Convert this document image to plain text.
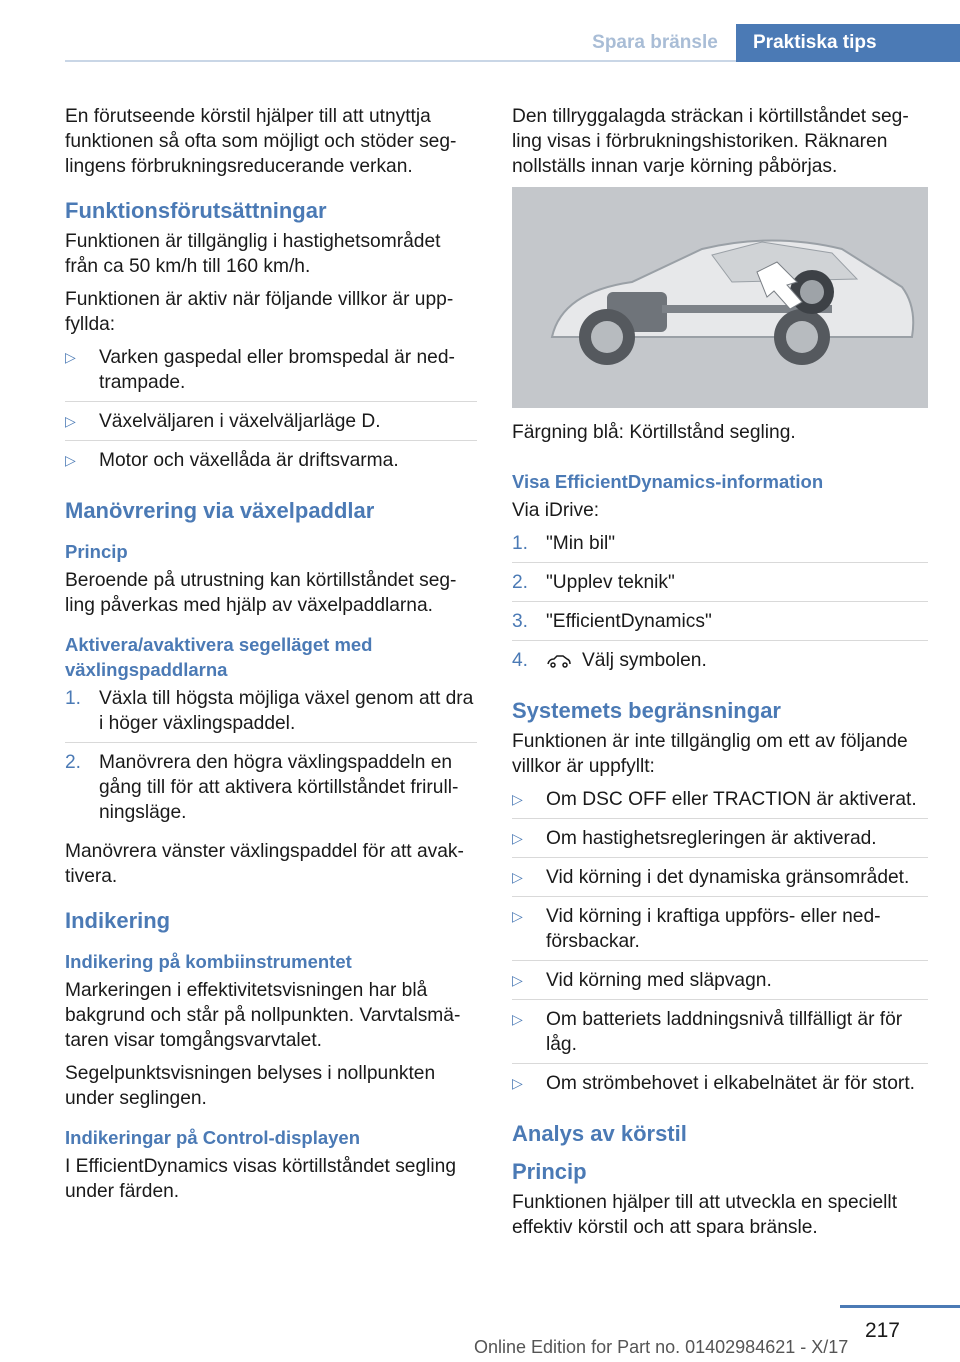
Spara bränsle	Praktiska tips

En förutseende körstil hjälper till att utnyttja funktionen så ofta som möjligt och stöder seg-lingens förbrukningsreducerande verkan.

Funktionsförutsättningar

Funktionen är tillgänglig i hastighetsområdet från ca 50 km/h till 160 km/h.

Funktionen är aktiv när följande villkor är upp-fyllda:

▷ Varken gaspedal eller bromspedal är ned-trampade.
▷ Växelväljaren i växelväljarläge D.
▷ Motor och växellåda är driftsvarma.
Manövrering via växelpaddlar
Princip

Beroende på utrustning kan körtillståndet seg-ling påverkas med hjälp av växelpaddlarna.

Aktivera/avaktivera segelläget med växlingspaddlarna
1. Växla till högsta möjliga växel genom att dra i höger växlingspaddel.
2. Manövrera den högra växlingspaddeln en gång till för att aktivera körtillståndet frirull-ningsläge.

Manövrera vänster växlingspaddel för att avak-tivera.

Indikering
Indikering på kombiinstrumentet

Markeringen i effektivitetsvisningen har blå bakgrund och står på nollpunkten. Varvtalsmä-taren visar tomgångsvarvtalet.

Segelpunktsvisningen belyses i nollpunkten under seglingen.

Indikeringar på Control-displayen

I EfficientDynamics visas körtillståndet segling under färden.

Den tillryggalagda sträckan i körtillståndet seg-ling visas i förbrukningshistoriken. Räknaren nollställs innan varje körning påbörjas.

Färgning blå: Körtillstånd segling.

Visa EfficientDynamics-information

Via iDrive:

1. "Min bil"
2. "Upplev teknik"
3. "EfficientDynamics"
4.	Välj symbolen.
Systemets begränsningar

Funktionen är inte tillgänglig om ett av följande villkor är uppfyllt:

▷ Om DSC OFF eller TRACTION är aktiverat.
▷ Om hastighetsregleringen är aktiverad.
▷ Vid körning i det dynamiska gränsområdet.
▷ Vid körning i kraftiga uppförs- eller ned-försbackar.
▷ Vid körning med släpvagn.
▷ Om batteriets laddningsnivå tillfälligt är för låg.
▷ Om strömbehovet i elkabelnätet är för stort.
Analys av körstil
Princip

Funktionen hjälper till att utveckla en speciellt effektiv körstil och att spara bränsle.

217
Online Edition for Part no. 01402984621 - X/17
